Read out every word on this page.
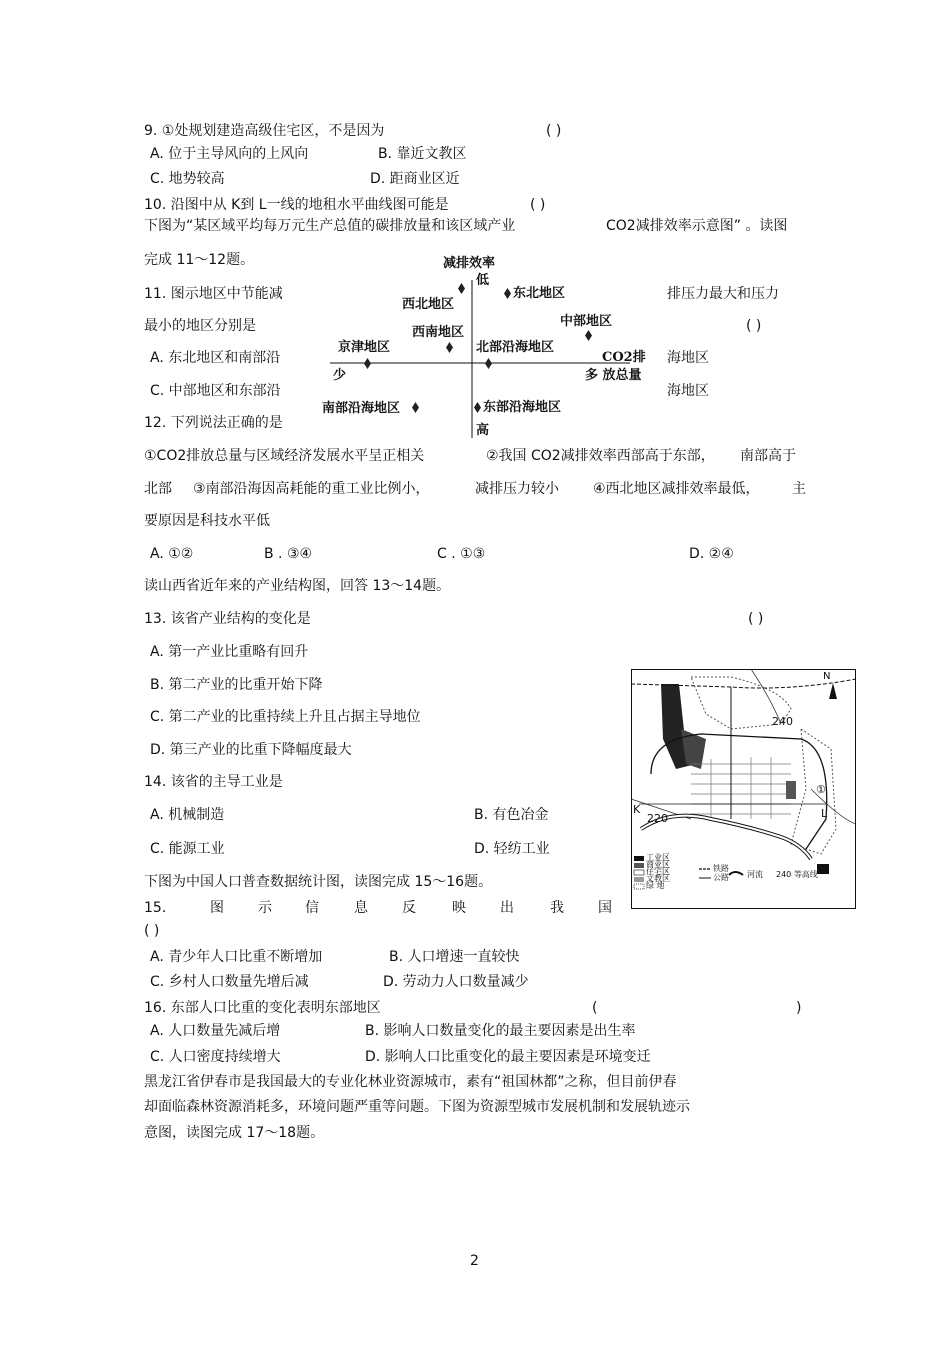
9. ①处规划建造高级住宅区，不是因为	( )
A. 位于主导风向的上风向	B. 靠近文教区
C. 地势较高	D. 距商业区近
10. 沿图中从 K到 L一线的地租水平曲线图可能是	( )
下图为“某区域平均每万元生产总值的碳排放量和该区域产业	CO2减排效率示意图” 。读图
完成 11～12题。	减排效率
低
高
少
CO2排
多 放总量
西北地区
东北地区
中部地区
西南地区
京津地区	北部沿海地区
南部沿海地区	东部沿海地区
11. 图示地区中节能减	排压力最大和压力
最小的地区分别是	( )
A. 东北地区和南部沿	海地区
C. 中部地区和东部沿	海地区
12. 下列说法正确的是
①CO2排放总量与区域经济发展水平呈正相关	②我国 CO2减排效率西部高于东部， 南部高于
北部 ③南部沿海因高耗能的重工业比例小，	减排压力较小 ④西北地区减排效率最低， 主
要原因是科技水平低
A. ①②	B . ③④	C . ①③	D. ②④
读山西省近年来的产业结构图，回答 13～14题。
13. 该省产业结构的变化是	( )
A. 第一产业比重略有回升
B. 第二产业的比重开始下降
C. 第二产业的比重持续上升且占据主导地位
D. 第三产业的比重下降幅度最大
14. 该省的主导工业是
A. 机械制造	B. 有色冶金
C. 能源工业	D. 轻纺工业
下图为中国人口普查数据统计图，读图完成 15～16题。
15.	图 示 信	息 反	映 出	我 国
( )
A. 青少年人口比重不断增加	B. 人口增速一直较快
C. 乡村人口数量先增后减	D. 劳动力人口数量减少
16. 东部人口比重的变化表明东部地区	(	)
A. 人口数量先减后增	B. 影响人口数量变化的最主要因素是出生率
C. 人口密度持续增大	D. 影响人口比重变化的最主要因素是环境变迁
黑龙江省伊春市是我国最大的专业化林业资源城市，素有“祖国林都”之称，但目前伊春
却面临森林资源消耗多，环境问题严重等问题。下图为资源型城市发展机制和发展轨迹示
意图，读图完成 17～18题。
N
240
K
220	L
①
工业区
商业区
住宅区
文教区
绿 地
铁路
公路 河流 240 等高线
2
